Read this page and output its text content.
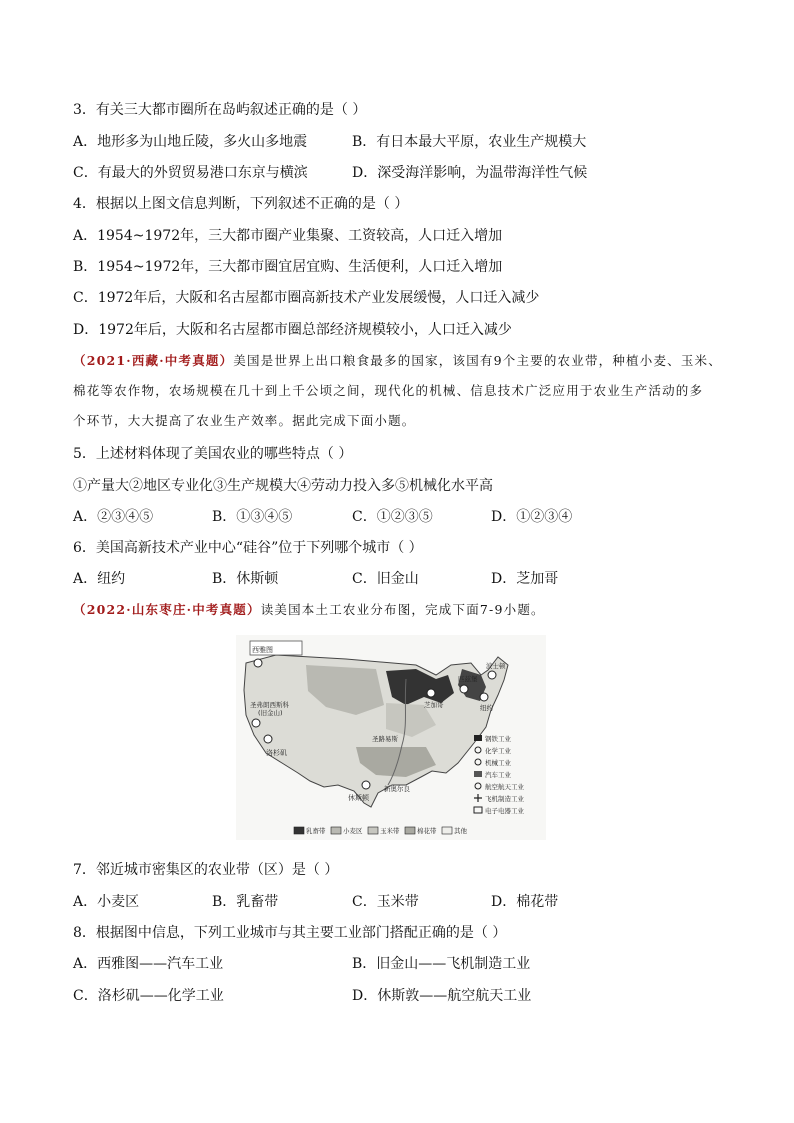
3．有关三大都市圈所在岛屿叙述正确的是（ ）
A．地形多为山地丘陵，多火山多地震	B．有日本最大平原，农业生产规模大
C．有最大的外贸贸易港口东京与横滨	D．深受海洋影响，为温带海洋性气候
4．根据以上图文信息判断，下列叙述不正确的是（ ）
A．1954~1972年，三大都市圈产业集聚、工资较高，人口迁入增加
B．1954~1972年，三大都市圈宜居宜购、生活便利，人口迁入增加
C．1972年后，大阪和名古屋都市圈高新技术产业发展缓慢，人口迁入减少
D．1972年后，大阪和名古屋都市圈总部经济规模较小，人口迁入减少
（2021·西藏·中考真题）美国是世界上出口粮食最多的国家，该国有9个主要的农业带，种植小麦、玉米、
棉花等农作物，农场规模在几十到上千公顷之间，现代化的机械、信息技术广泛应用于农业生产活动的多
个环节，大大提高了农业生产效率。据此完成下面小题。
5．上述材料体现了美国农业的哪些特点（ ）
①产量大②地区专业化③生产规模大④劳动力投入多⑤机械化水平高
A．②③④⑤	B．①③④⑤	C．①②③⑤	D．①②③④
6．美国高新技术产业中心“硅谷”位于下列哪个城市（ ）
A．纽约	B．休斯顿	C．旧金山	D．芝加哥
（2022·山东枣庄·中考真题）读美国本土工农业分布图，完成下面7-9小题。
西雅图
圣弗朗西斯科
(旧金山)
洛杉矶
休斯顿
新奥尔良
圣路易斯
芝加哥
匹兹堡
波士顿
纽约
钢铁工业
化学工业
机械工业
汽车工业
航空航天工业
飞机制造工业
电子电器工业
乳畜带	小麦区	玉米带	棉花带	其他
7．邻近城市密集区的农业带（区）是（ ）
A．小麦区	B．乳畜带	C．玉米带	D．棉花带
8．根据图中信息，下列工业城市与其主要工业部门搭配正确的是（ ）
A．西雅图——汽车工业	B．旧金山——飞机制造工业
C．洛杉矶——化学工业	D．休斯敦——航空航天工业
